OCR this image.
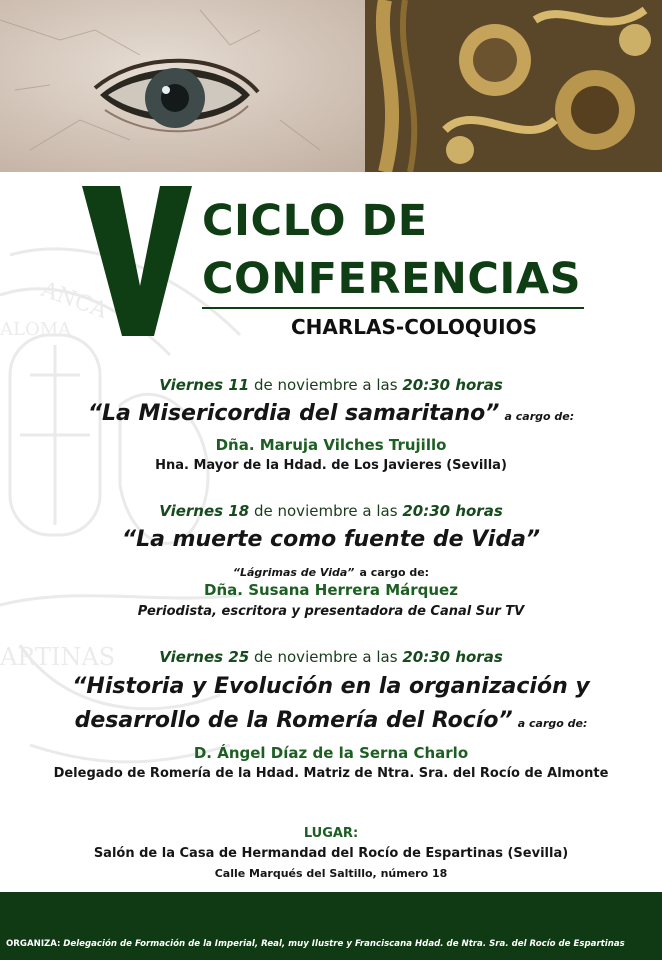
ANCA
ALOMA
ARTINAS
CICLO DE
CONFERENCIAS
CHARLAS-COLOQUIOS
Viernes 11 de noviembre a las 20:30 horas
“La Misericordia del samaritano” a cargo de:
Dña. Maruja Vilches Trujillo
Hna. Mayor de la Hdad. de Los Javieres (Sevilla)
Viernes 18 de noviembre a las 20:30 horas
“La muerte como fuente de Vida”
“Lágrimas de Vida” a cargo de:
Dña. Susana Herrera Márquez
Periodista, escritora y presentadora de Canal Sur TV
Viernes 25 de noviembre a las 20:30 horas
“Historia y Evolución en la organización y
desarrollo de la Romería del Rocío” a cargo de:
D. Ángel Díaz de la Serna Charlo
Delegado de Romería de la Hdad. Matriz de Ntra. Sra. del Rocío de Almonte
LUGAR:
Salón de la Casa de Hermandad del Rocío de Espartinas (Sevilla)
Calle Marqués del Saltillo, número 18
ORGANIZA: Delegación de Formación de la Imperial, Real, muy Ilustre y Franciscana Hdad. de Ntra. Sra. del Rocío de Espartinas
